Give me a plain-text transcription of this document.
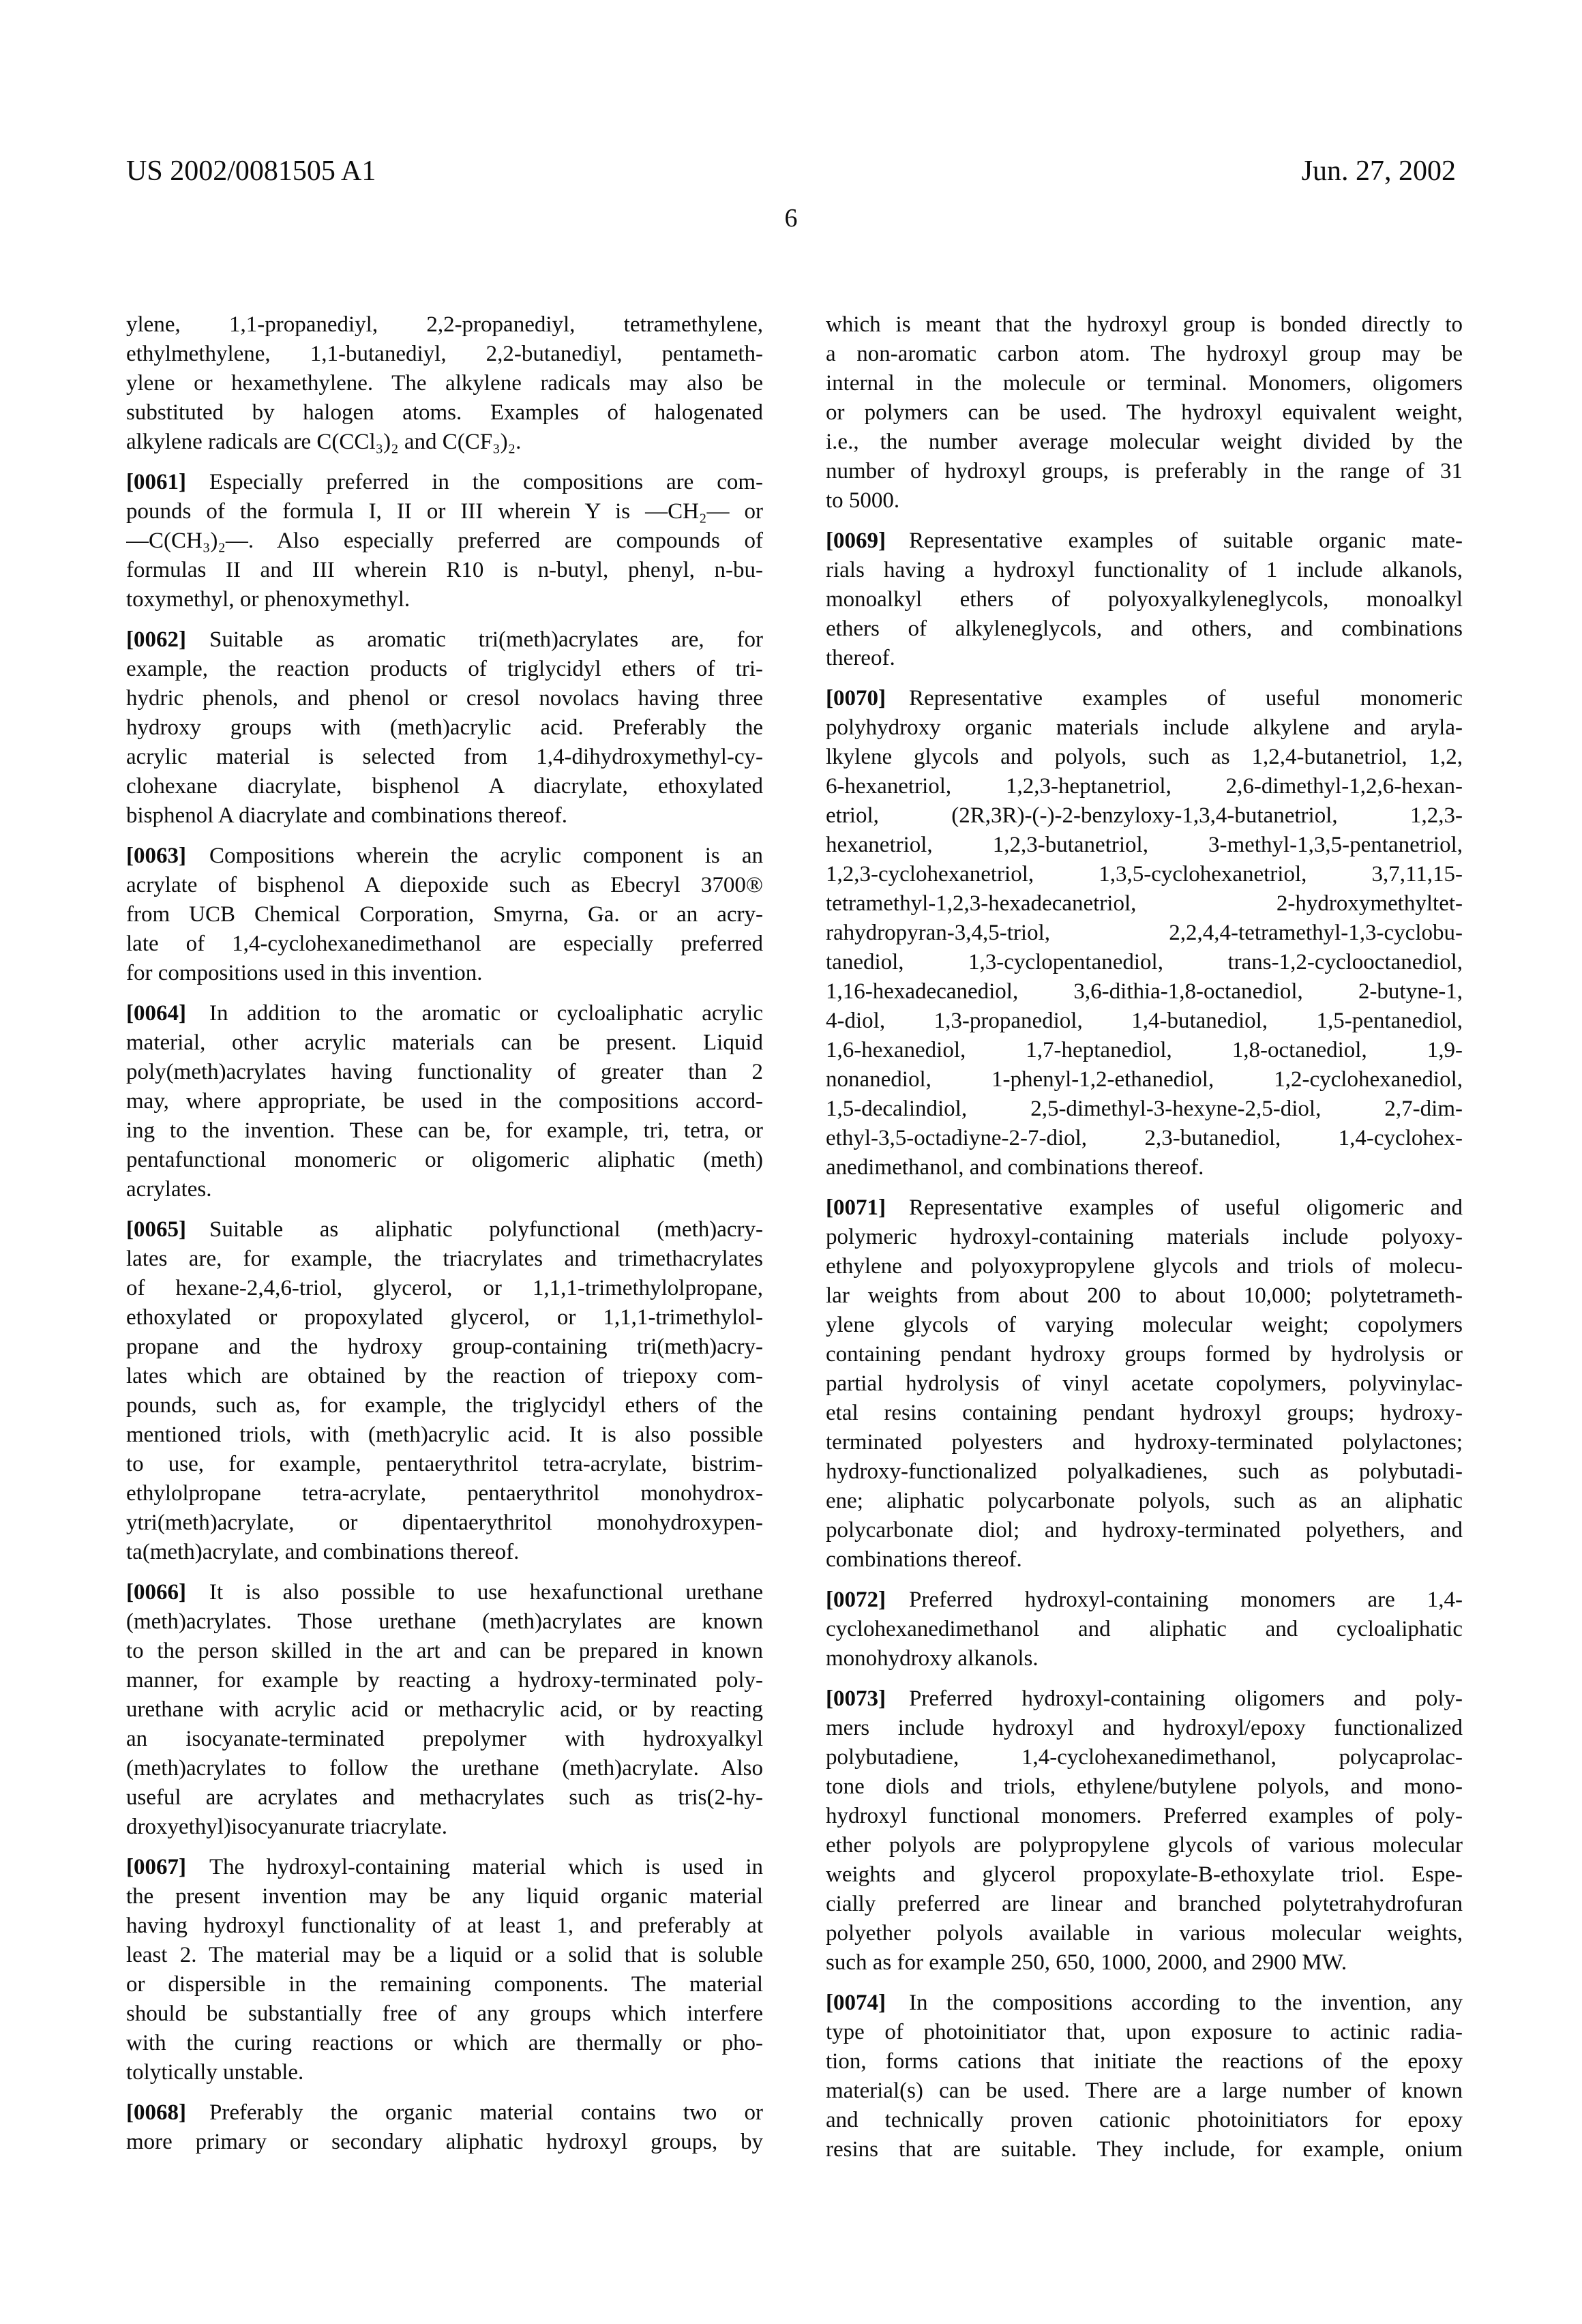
US 2002/0081505 A1	Jun. 27, 2002
6
ylene, 1,1-propanediyl, 2,2-propanediyl, tetramethylene,
ethylmethylene, 1,1-butanediyl, 2,2-butanediyl, pentameth-
ylene or hexamethylene. The alkylene radicals may also be
substituted by halogen atoms. Examples of halogenated
alkylene radicals are C(CCl₃)₂ and C(CF₃)₂.
[0061] Especially preferred in the compositions are com-
pounds of the formula I, II or III wherein Y is —CH₂— or
—C(CH₃)₂—. Also especially preferred are compounds of
formulas II and III wherein R10 is n-butyl, phenyl, n-bu-
toxymethyl, or phenoxymethyl.
[0062] Suitable as aromatic tri(meth)acrylates are, for
example, the reaction products of triglycidyl ethers of tri-
hydric phenols, and phenol or cresol novolacs having three
hydroxy groups with (meth)acrylic acid. Preferably the
acrylic material is selected from 1,4-dihydroxymethyl-cy-
clohexane diacrylate, bisphenol A diacrylate, ethoxylated
bisphenol A diacrylate and combinations thereof.
[0063] Compositions wherein the acrylic component is an
acrylate of bisphenol A diepoxide such as Ebecryl 3700®
from UCB Chemical Corporation, Smyrna, Ga. or an acry-
late of 1,4-cyclohexanedimethanol are especially preferred
for compositions used in this invention.
[0064] In addition to the aromatic or cycloaliphatic acrylic
material, other acrylic materials can be present. Liquid
poly(meth)acrylates having functionality of greater than 2
may, where appropriate, be used in the compositions accord-
ing to the invention. These can be, for example, tri, tetra, or
pentafunctional monomeric or oligomeric aliphatic (meth)
acrylates.
[0065] Suitable as aliphatic polyfunctional (meth)acry-
lates are, for example, the triacrylates and trimethacrylates
of hexane-2,4,6-triol, glycerol, or 1,1,1-trimethylolpropane,
ethoxylated or propoxylated glycerol, or 1,1,1-trimethylol-
propane and the hydroxy group-containing tri(meth)acry-
lates which are obtained by the reaction of triepoxy com-
pounds, such as, for example, the triglycidyl ethers of the
mentioned triols, with (meth)acrylic acid. It is also possible
to use, for example, pentaerythritol tetra-acrylate, bistrim-
ethylolpropane tetra-acrylate, pentaerythritol monohydrox-
ytri(meth)acrylate, or dipentaerythritol monohydroxypen-
ta(meth)acrylate, and combinations thereof.
[0066] It is also possible to use hexafunctional urethane
(meth)acrylates. Those urethane (meth)acrylates are known
to the person skilled in the art and can be prepared in known
manner, for example by reacting a hydroxy-terminated poly-
urethane with acrylic acid or methacrylic acid, or by reacting
an isocyanate-terminated prepolymer with hydroxyalkyl
(meth)acrylates to follow the urethane (meth)acrylate. Also
useful are acrylates and methacrylates such as tris(2-hy-
droxyethyl)isocyanurate triacrylate.
[0067] The hydroxyl-containing material which is used in
the present invention may be any liquid organic material
having hydroxyl functionality of at least 1, and preferably at
least 2. The material may be a liquid or a solid that is soluble
or dispersible in the remaining components. The material
should be substantially free of any groups which interfere
with the curing reactions or which are thermally or pho-
tolytically unstable.
[0068] Preferably the organic material contains two or
more primary or secondary aliphatic hydroxyl groups, by
which is meant that the hydroxyl group is bonded directly to
a non-aromatic carbon atom. The hydroxyl group may be
internal in the molecule or terminal. Monomers, oligomers
or polymers can be used. The hydroxyl equivalent weight,
i.e., the number average molecular weight divided by the
number of hydroxyl groups, is preferably in the range of 31
to 5000.
[0069] Representative examples of suitable organic mate-
rials having a hydroxyl functionality of 1 include alkanols,
monoalkyl ethers of polyoxyalkyleneglycols, monoalkyl
ethers of alkyleneglycols, and others, and combinations
thereof.
[0070] Representative examples of useful monomeric
polyhydroxy organic materials include alkylene and aryla-
lkylene glycols and polyols, such as 1,2,4-butanetriol, 1,2,
6-hexanetriol, 1,2,3-heptanetriol, 2,6-dimethyl-1,2,6-hexan-
etriol, (2R,3R)-(-)-2-benzyloxy-1,3,4-butanetriol, 1,2,3-
hexanetriol, 1,2,3-butanetriol, 3-methyl-1,3,5-pentanetriol,
1,2,3-cyclohexanetriol, 1,3,5-cyclohexanetriol, 3,7,11,15-
tetramethyl-1,2,3-hexadecanetriol, 2-hydroxymethyltet-
rahydropyran-3,4,5-triol, 2,2,4,4-tetramethyl-1,3-cyclobu-
tanediol, 1,3-cyclopentanediol, trans-1,2-cyclooctanediol,
1,16-hexadecanediol, 3,6-dithia-1,8-octanediol, 2-butyne-1,
4-diol, 1,3-propanediol, 1,4-butanediol, 1,5-pentanediol,
1,6-hexanediol, 1,7-heptanediol, 1,8-octanediol, 1,9-
nonanediol, 1-phenyl-1,2-ethanediol, 1,2-cyclohexanediol,
1,5-decalindiol, 2,5-dimethyl-3-hexyne-2,5-diol, 2,7-dim-
ethyl-3,5-octadiyne-2-7-diol, 2,3-butanediol, 1,4-cyclohex-
anedimethanol, and combinations thereof.
[0071] Representative examples of useful oligomeric and
polymeric hydroxyl-containing materials include polyoxy-
ethylene and polyoxypropylene glycols and triols of molecu-
lar weights from about 200 to about 10,000; polytetrameth-
ylene glycols of varying molecular weight; copolymers
containing pendant hydroxy groups formed by hydrolysis or
partial hydrolysis of vinyl acetate copolymers, polyvinylac-
etal resins containing pendant hydroxyl groups; hydroxy-
terminated polyesters and hydroxy-terminated polylactones;
hydroxy-functionalized polyalkadienes, such as polybutadi-
ene; aliphatic polycarbonate polyols, such as an aliphatic
polycarbonate diol; and hydroxy-terminated polyethers, and
combinations thereof.
[0072] Preferred hydroxyl-containing monomers are 1,4-
cyclohexanedimethanol and aliphatic and cycloaliphatic
monohydroxy alkanols.
[0073] Preferred hydroxyl-containing oligomers and poly-
mers include hydroxyl and hydroxyl/epoxy functionalized
polybutadiene, 1,4-cyclohexanedimethanol, polycaprolac-
tone diols and triols, ethylene/butylene polyols, and mono-
hydroxyl functional monomers. Preferred examples of poly-
ether polyols are polypropylene glycols of various molecular
weights and glycerol propoxylate-B-ethoxylate triol. Espe-
cially preferred are linear and branched polytetrahydrofuran
polyether polyols available in various molecular weights,
such as for example 250, 650, 1000, 2000, and 2900 MW.
[0074] In the compositions according to the invention, any
type of photoinitiator that, upon exposure to actinic radia-
tion, forms cations that initiate the reactions of the epoxy
material(s) can be used. There are a large number of known
and technically proven cationic photoinitiators for epoxy
resins that are suitable. They include, for example, onium
